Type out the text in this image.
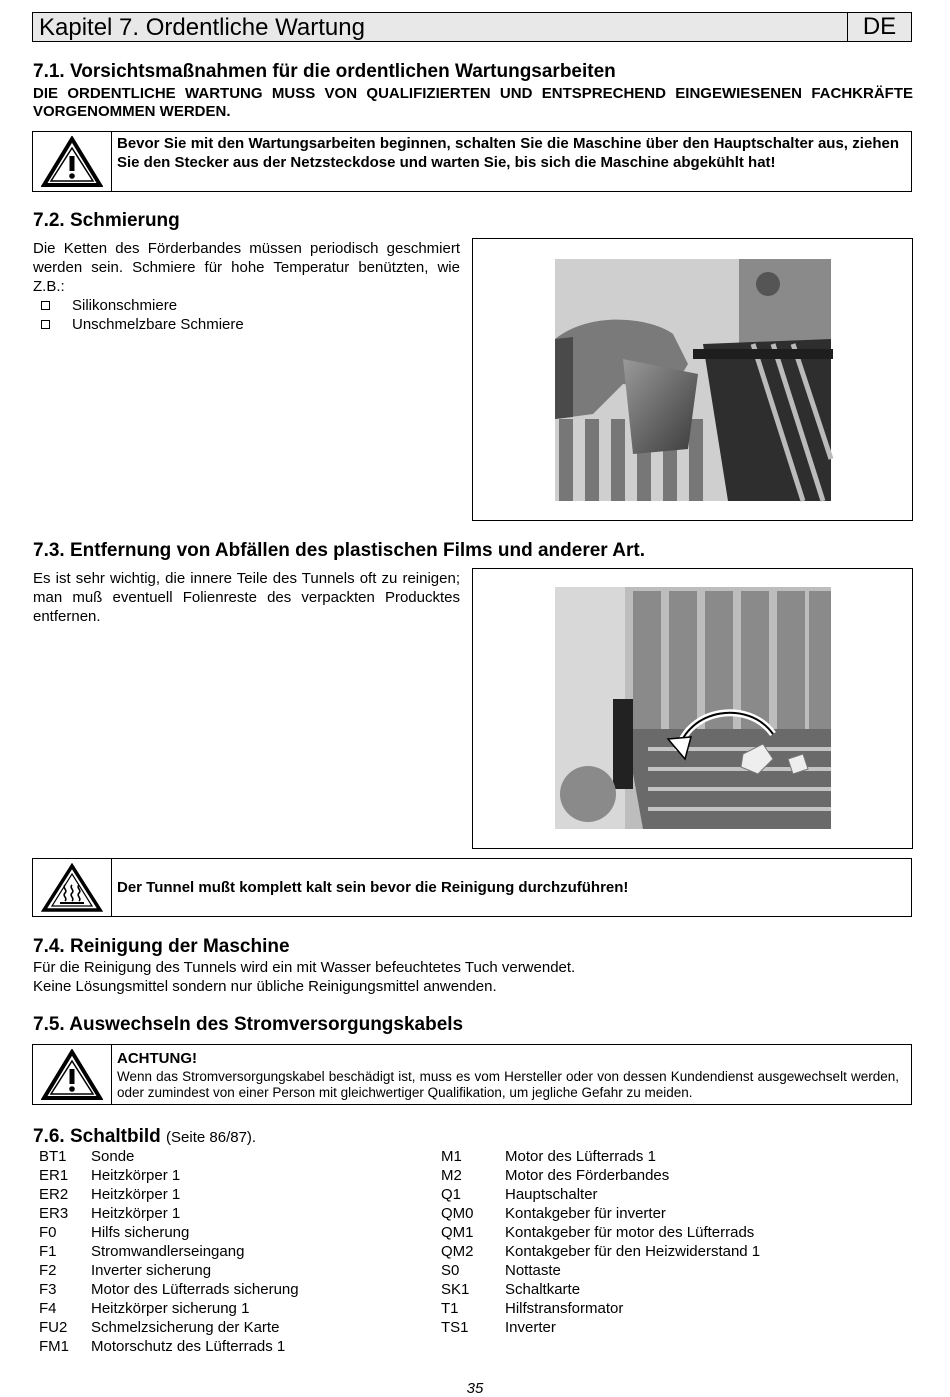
Kapitel 7. Ordentliche Wartung	DE
7.1. Vorsichtsmaßnahmen für die ordentlichen Wartungsarbeiten
DIE ORDENTLICHE WARTUNG MUSS VON QUALIFIZIERTEN UND ENTSPRECHEND EINGEWIESENEN FACHKRÄFTE VORGENOMMEN WERDEN.
Bevor Sie mit den Wartungsarbeiten beginnen, schalten Sie die Maschine über den Hauptschalter aus, ziehen Sie den Stecker aus der Netzsteckdose und warten Sie, bis sich die Maschine abgekühlt hat!
7.2. Schmierung
Die Ketten des Förderbandes müssen periodisch geschmiert werden sein. Schmiere für hohe Temperatur benützten, wie Z.B.:
Silikonschmiere
Unschmelzbare Schmiere
7.3. Entfernung von Abfällen des plastischen Films und anderer Art.
Es ist sehr wichtig, die innere Teile des Tunnels oft zu reinigen; man muß eventuell Folienreste des verpackten Producktes entfernen.
Der Tunnel mußt komplett kalt sein bevor die Reinigung durchzuführen!
7.4. Reinigung der Maschine
Für die Reinigung des Tunnels wird ein mit Wasser befeuchtetes Tuch verwendet.
Keine Lösungsmittel sondern nur übliche Reinigungsmittel anwenden.
7.5. Auswechseln des Stromversorgungskabels
ACHTUNG!
Wenn das Stromversorgungskabel beschädigt ist, muss es vom Hersteller oder von dessen Kundendienst ausgewechselt werden, oder zumindest von einer Person mit gleichwertiger Qualifikation, um jegliche Gefahr zu meiden.
7.6. Schaltbild (Seite 86/87).
BT1	Sonde
ER1	Heitzkörper 1
ER2	Heitzkörper 1
ER3	Heitzkörper 1
F0	Hilfs sicherung
F1	Stromwandlerseingang
F2	Inverter sicherung
F3	Motor des Lüfterrads sicherung
F4	Heitzkörper sicherung 1
FU2	Schmelzsicherung der Karte
FM1	Motorschutz des Lüfterrads 1
M1	Motor des Lüfterrads 1
M2	Motor des Förderbandes
Q1	Hauptschalter
QM0	Kontakgeber für inverter
QM1	Kontakgeber für motor des Lüfterrads
QM2	Kontakgeber für den Heizwiderstand 1
S0	Nottaste
SK1	Schaltkarte
T1	Hilfstransformator
TS1	Inverter
35
